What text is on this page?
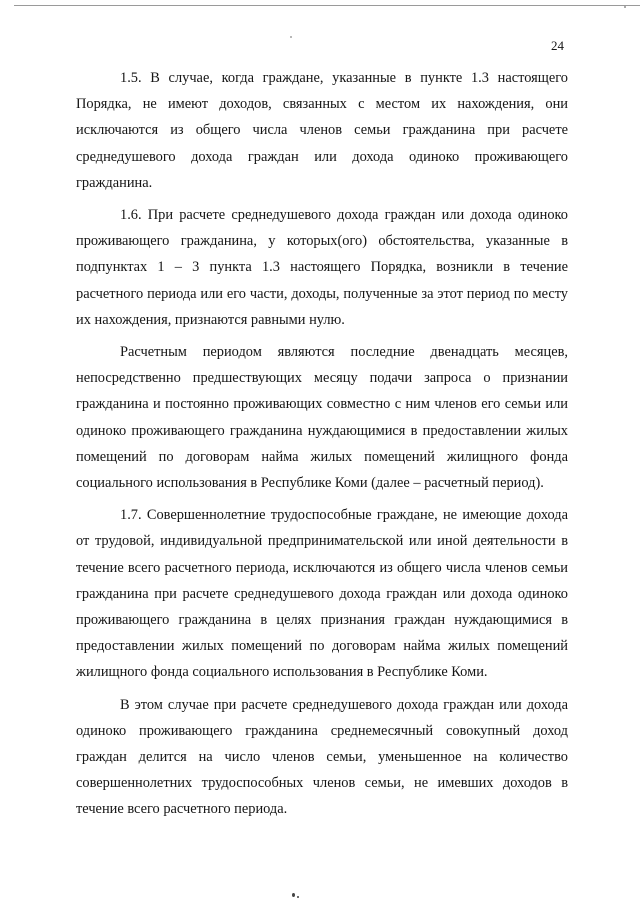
24

1.5. В случае, когда граждане, указанные в пункте 1.3 настоящего Порядка, не имеют доходов, связанных с местом их нахождения, они исключаются из общего числа членов семьи гражданина при расчете среднедушевого дохода граждан или дохода одиноко проживающего гражданина.

1.6. При расчете среднедушевого дохода граждан или дохода одиноко проживающего гражданина, у которых(ого) обстоятельства, указанные в подпунктах 1 – 3 пункта 1.3 настоящего Порядка, возникли в течение расчетного периода или его части, доходы, полученные за этот период по месту их нахождения, признаются равными нулю.

Расчетным периодом являются последние двенадцать месяцев, непосредственно предшествующих месяцу подачи запроса о признании гражданина и постоянно проживающих совместно с ним членов его семьи или одиноко проживающего гражданина нуждающимися в предоставлении жилых помещений по договорам найма жилых помещений жилищного фонда социального использования в Республике Коми (далее – расчетный период).

1.7. Совершеннолетние трудоспособные граждане, не имеющие дохода от трудовой, индивидуальной предпринимательской или иной деятельности в течение всего расчетного периода, исключаются из общего числа членов семьи гражданина при расчете среднедушевого дохода граждан или дохода одиноко проживающего гражданина в целях признания граждан нуждающимися в предоставлении жилых помещений по договорам найма жилых помещений жилищного фонда социального использования в Республике Коми.

В этом случае при расчете среднедушевого дохода граждан или дохода одиноко проживающего гражданина среднемесячный совокупный доход граждан делится на число членов семьи, уменьшенное на количество совершеннолетних трудоспособных членов семьи, не имевших доходов в течение всего расчетного периода.
